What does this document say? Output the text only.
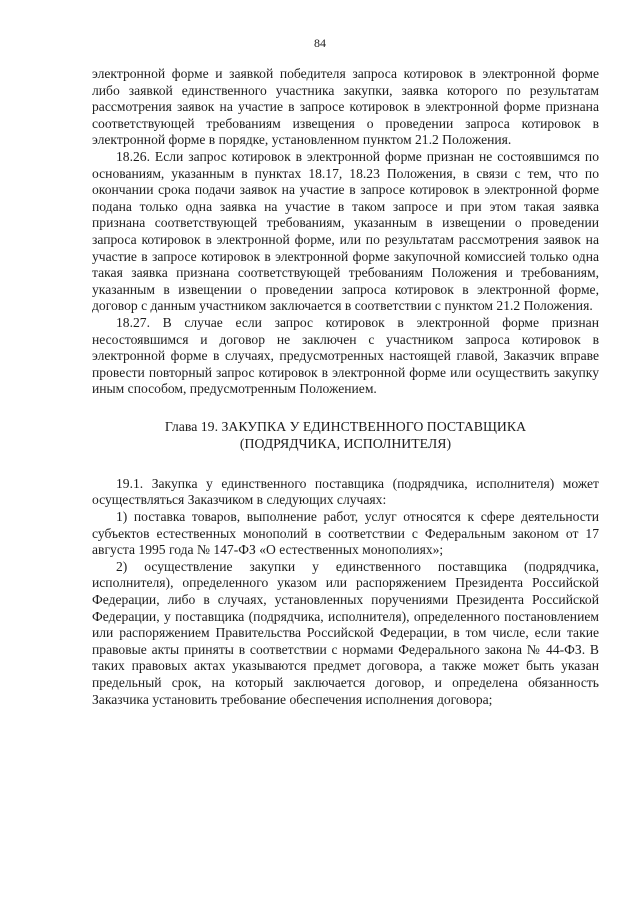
84

электронной форме и заявкой победителя запроса котировок в электронной форме либо заявкой единственного участника закупки, заявка которого по результатам рассмотрения заявок на участие в запросе котировок в электронной форме признана соответствующей требованиям извещения о проведении запроса котировок в электронной форме в порядке, установленном пунктом 21.2 Положения.

18.26. Если запрос котировок в электронной форме признан не состоявшимся по основаниям, указанным в пунктах 18.17, 18.23 Положения, в связи с тем, что по окончании срока подачи заявок на участие в запросе котировок в электронной форме подана только одна заявка на участие в таком запросе и при этом такая заявка признана соответствующей требованиям, указанным в извещении о проведении запроса котировок в электронной форме, или по результатам рассмотрения заявок на участие в запросе котировок в электронной форме закупочной комиссией только одна такая заявка признана соответствующей требованиям Положения и требованиям, указанным в извещении о проведении запроса котировок в электронной форме, договор с данным участником заключается в соответствии с пунктом 21.2 Положения.

18.27. В случае если запрос котировок в электронной форме признан несостоявшимся и договор не заключен с участником запроса котировок в электронной форме в случаях, предусмотренных настоящей главой, Заказчик вправе провести повторный запрос котировок в электронной форме или осуществить закупку иным способом, предусмотренным Положением.

Глава 19. ЗАКУПКА У ЕДИНСТВЕННОГО ПОСТАВЩИКА
(ПОДРЯДЧИКА, ИСПОЛНИТЕЛЯ)

19.1. Закупка у единственного поставщика (подрядчика, исполнителя) может осуществляться Заказчиком в следующих случаях:

1) поставка товаров, выполнение работ, услуг относятся к сфере деятельности субъектов естественных монополий в соответствии с Федеральным законом от 17 августа 1995 года № 147-ФЗ «О естественных монополиях»;

2) осуществление закупки у единственного поставщика (подрядчика, исполнителя), определенного указом или распоряжением Президента Российской Федерации, либо в случаях, установленных поручениями Президента Российской Федерации, у поставщика (подрядчика, исполнителя), определенного постановлением или распоряжением Правительства Российской Федерации, в том числе, если такие правовые акты приняты в соответствии с нормами Федерального закона № 44-ФЗ. В таких правовых актах указываются предмет договора, а также может быть указан предельный срок, на который заключается договор, и определена обязанность Заказчика установить требование обеспечения исполнения договора;
